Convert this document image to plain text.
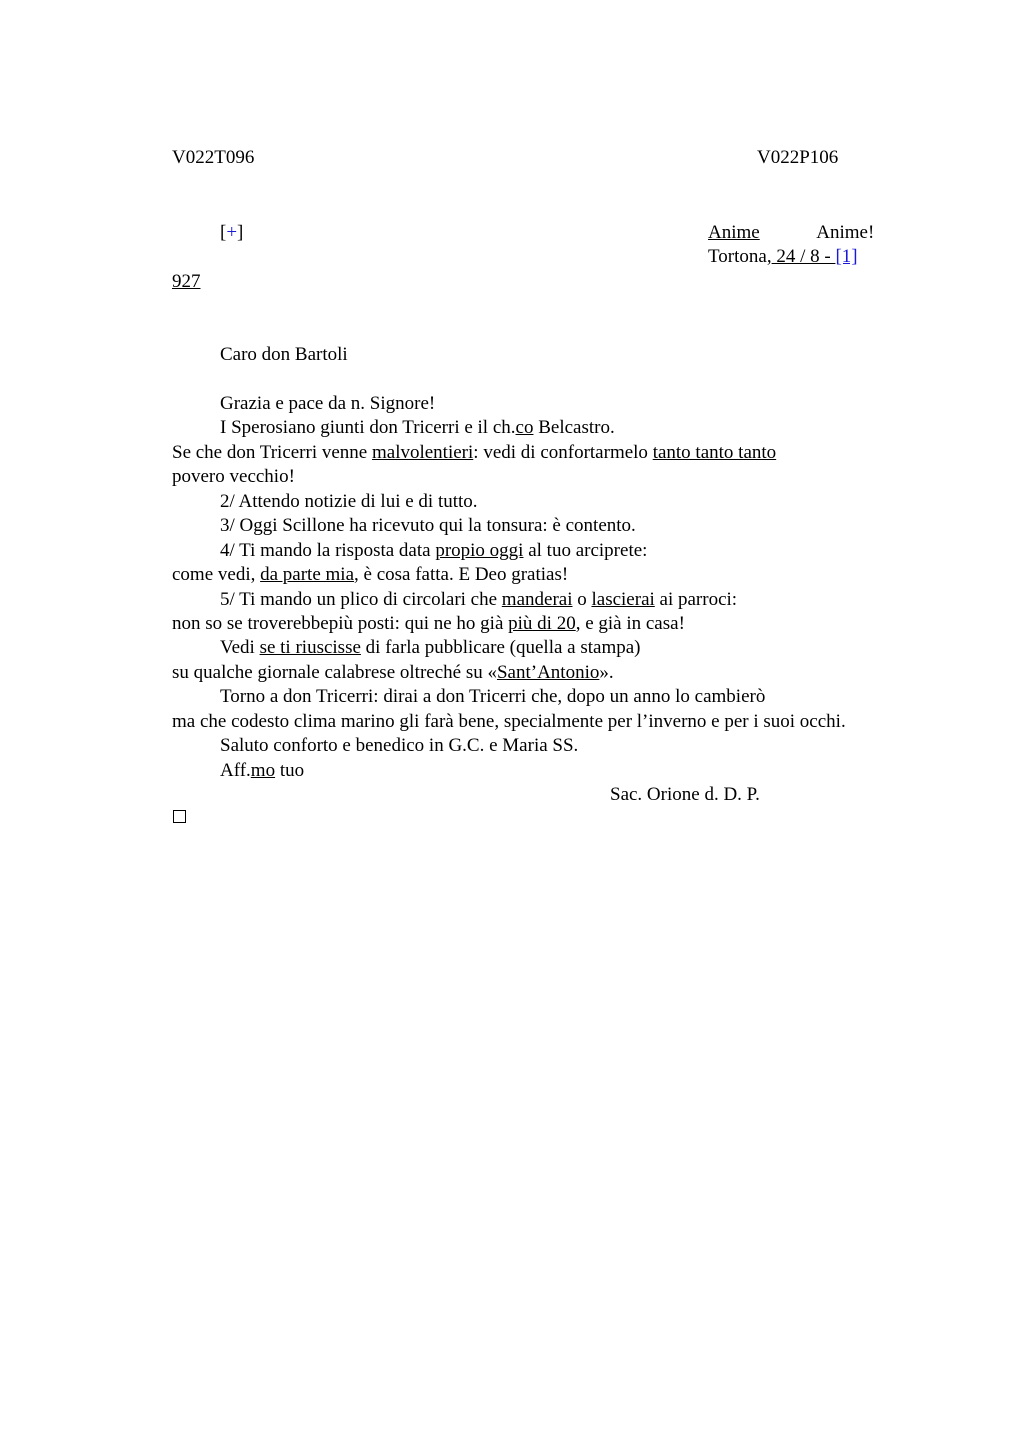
V022T096	V022P106
[+]	Anime	Anime !
Tortona, 24 / 8 - [1]
927
Caro don Bartoli
Grazia e pace da n. Signore!
I Sperosiano giunti don Tricerri e il ch.co Belcastro.
Se che don Tricerri venne malvolentieri: vedi di confortarmelo tanto tanto tanto
povero vecchio!
2/ Attendo notizie di lui e di tutto.
3/ Oggi Scillone ha ricevuto qui la tonsura: è contento.
4/ Ti mando la risposta data propio oggi al tuo arciprete:
come vedi, da parte mia, è cosa fatta. E Deo gratias!
5/ Ti mando un plico di circolari che manderai o lascierai ai parroci:
non so se troverebbepiù posti: qui ne ho già più di 20, e già in casa!
Vedi se ti riuscisse di farla pubblicare (quella a stampa)
su qualche giornale calabrese oltreché su «Sant’Antonio».
Torno a don Tricerri: dirai a don Tricerri che, dopo un anno lo cambierò
ma che codesto clima marino gli farà bene, specialmente per l’inverno e per i suoi occhi.
Saluto conforto e benedico in G.C. e Maria SS.
Aff.mo tuo
Sac. Orione d. D. P.
